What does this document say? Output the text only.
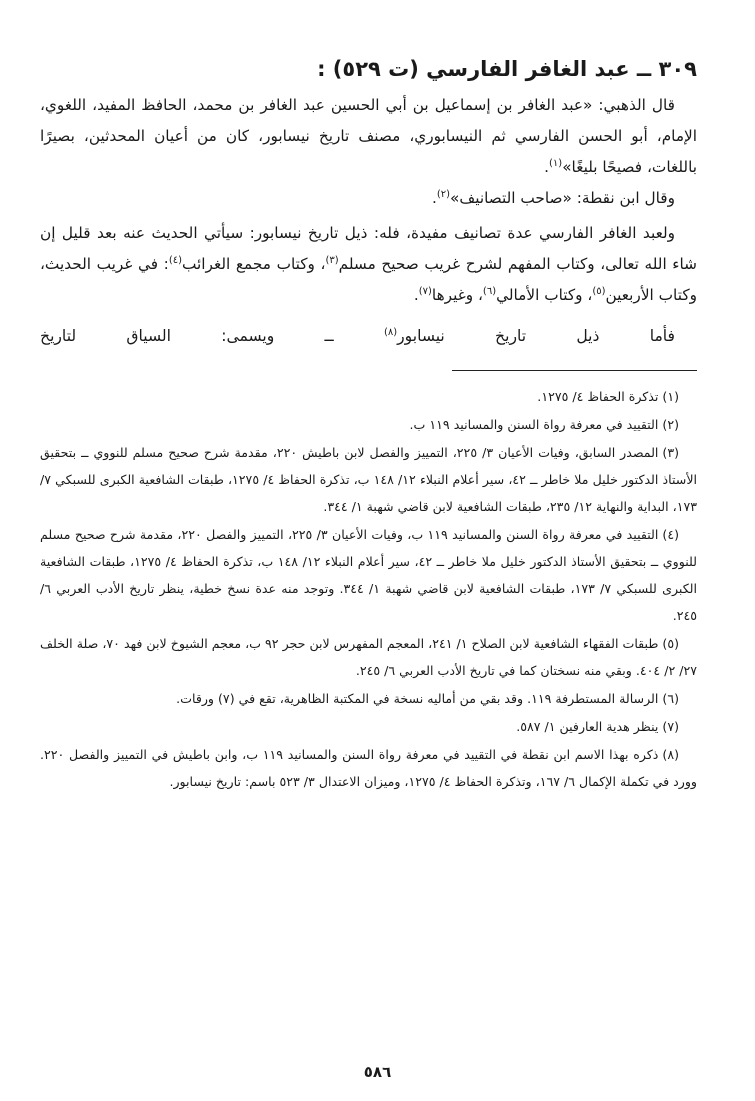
٣٠٩ ــ عبد الغافر الفارسي (ت ٥٢٩) :

قال الذهبي: «عبد الغافر بن إسماعيل بن أبي الحسين عبد الغافر بن محمد، الحافظ المفيد، اللغوي، الإمام، أبو الحسن الفارسي ثم النيسابوري، مصنف تاريخ نيسابور، كان من أعيان المحدثين، بصيرًا باللغات، فصيحًا بليغًا»$^{(١)}$.

وقال ابن نقطة: «صاحب التصانيف»$^{(٢)}$.

ولعبد الغافر الفارسي عدة تصانيف مفيدة، فله: ذيل تاريخ نيسابور: سيأتي الحديث عنه بعد قليل إن شاء الله تعالى، وكتاب المفهم لشرح غريب صحيح مسلم$^{(٣)}$، وكتاب مجمع الغرائب$^{(٤)}$: في غريب الحديث، وكتاب الأربعين$^{(٥)}$، وكتاب الأمالي$^{(٦)}$، وغيرها$^{(٧)}$.

فأما ذيل تاريخ نيسابور$^{(٨)}$ ــ ويسمى: السياق لتاريخ

(١)تذكرة الحفاظ ٤/ ١٢٧٥.

(٢)التقييد في معرفة رواة السنن والمسانيد ١١٩ ب.

(٣)المصدر السابق، وفيات الأعيان ٣/ ٢٢٥، التمييز والفصل لابن باطيش ٢٢٠، مقدمة شرح صحيح مسلم للنووي ــ بتحقيق الأستاذ الدكتور خليل ملا خاطر ــ ٤٢، سير أعلام النبلاء ١٢/ ١٤٨ ب، تذكرة الحفاظ ٤/ ١٢٧٥، طبقات الشافعية الكبرى للسبكي ٧/ ١٧٣، البداية والنهاية ١٢/ ٢٣٥، طبقات الشافعية لابن قاضي شهبة ١/ ٣٤٤.

(٤)التقييد في معرفة رواة السنن والمسانيد ١١٩ ب، وفيات الأعيان ٣/ ٢٢٥، التمييز والفصل ٢٢٠، مقدمة شرح صحيح مسلم للنووي ــ بتحقيق الأستاذ الدكتور خليل ملا خاطر ــ ٤٢، سير أعلام النبلاء ١٢/ ١٤٨ ب، تذكرة الحفاظ ٤/ ١٢٧٥، طبقات الشافعية الكبرى للسبكي ٧/ ١٧٣، طبقات الشافعية لابن قاضي شهبة ١/ ٣٤٤. وتوجد منه عدة نسخ خطية، ينظر تاريخ الأدب العربي ٦/ ٢٤٥.

(٥)طبقات الفقهاء الشافعية لابن الصلاح ١/ ٢٤١، المعجم المفهرس لابن حجر ٩٢ ب، معجم الشيوخ لابن فهد ٧٠، صلة الخلف ٢٧/ ٢/ ٤٠٤. وبقي منه نسختان كما في تاريخ الأدب العربي ٦/ ٢٤٥.

(٦)الرسالة المستطرفة ١١٩. وقد بقي من أماليه نسخة في المكتبة الظاهرية، تقع في (٧) ورقات.

(٧)ينظر هدية العارفين ١/ ٥٨٧.

(٨)ذكره بهذا الاسم ابن نقطة في التقييد في معرفة رواة السنن والمسانيد ١١٩ ب، وابن باطيش في التمييز والفصل ٢٢٠. وورد في تكملة الإكمال ٦/ ١٦٧، وتذكرة الحفاظ ٤/ ١٢٧٥، وميزان الاعتدال ٣/ ٥٢٣ باسم: تاريخ نيسابور.

٥٨٦
